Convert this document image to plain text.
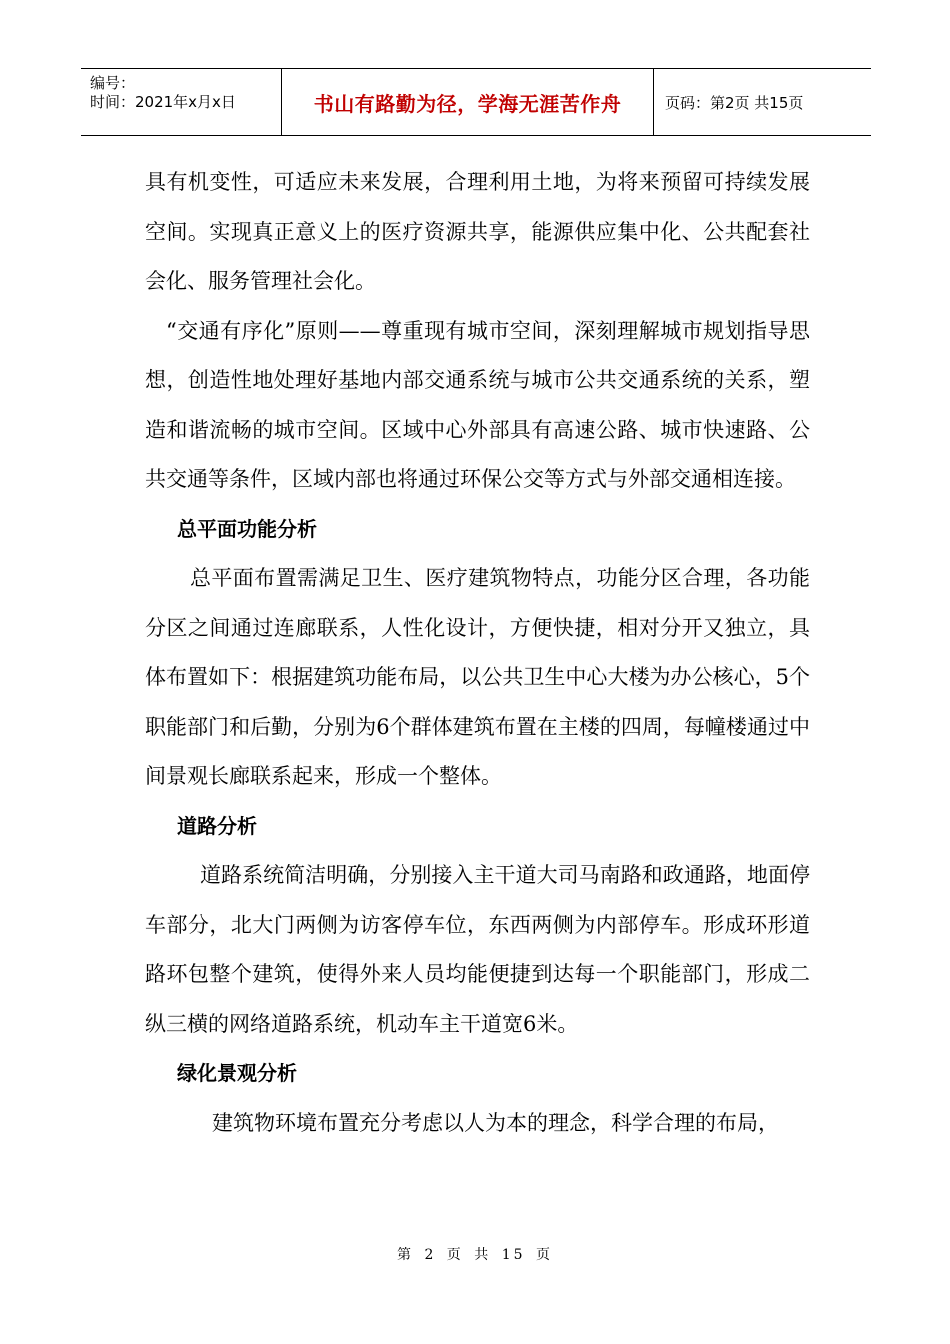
编号：
时间：2021年x月x日	书山有路勤为径，学海无涯苦作舟	页码：第2页 共15页

具有机变性，可适应未来发展，合理利用土地，为将来预留可持续发展空间。实现真正意义上的医疗资源共享，能源供应集中化、公共配套社会化、服务管理社会化。

“交通有序化”原则——尊重现有城市空间，深刻理解城市规划指导思想，创造性地处理好基地内部交通系统与城市公共交通系统的关系，塑造和谐流畅的城市空间。区域中心外部具有高速公路、城市快速路、公共交通等条件，区域内部也将通过环保公交等方式与外部交通相连接。

总平面功能分析

总平面布置需满足卫生、医疗建筑物特点，功能分区合理，各功能分区之间通过连廊联系，人性化设计，方便快捷，相对分开又独立，具体布置如下：根据建筑功能布局，以公共卫生中心大楼为办公核心，5个职能部门和后勤，分别为6个群体建筑布置在主楼的四周，每幢楼通过中间景观长廊联系起来，形成一个整体。

道路分析

道路系统简洁明确，分别接入主干道大司马南路和政通路，地面停车部分，北大门两侧为访客停车位，东西两侧为内部停车。形成环形道路环包整个建筑，使得外来人员均能便捷到达每一个职能部门，形成二纵三横的网络道路系统，机动车主干道宽6米。

绿化景观分析

建筑物环境布置充分考虑以人为本的理念，科学合理的布局，

第 2 页 共 15 页
